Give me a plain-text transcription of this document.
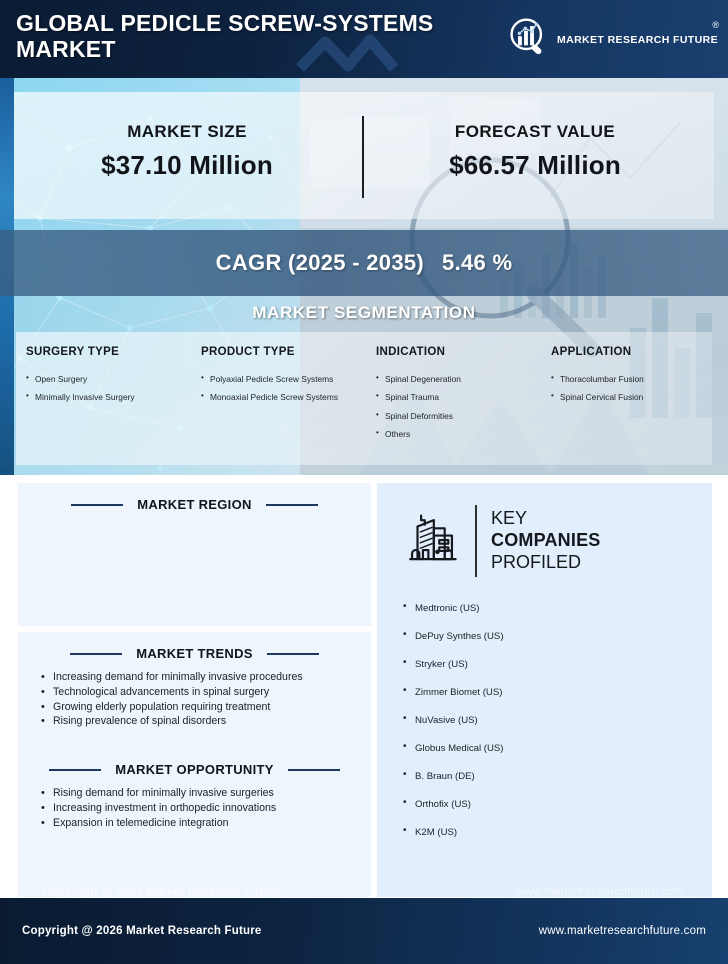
GLOBAL PEDICLE SCREW-SYSTEMS MARKET	MARKET RESEARCH FUTURE
®
MARKET SIZE
$37.10 Million
FORECAST VALUE
$66.57 Million
CAGR (2025 - 2035) 5.46 %
MARKET SEGMENTATION
SURGERY TYPE
• Open Surgery
• Minimally Invasive Surgery
PRODUCT TYPE
• Polyaxial Pedicle Screw Systems
• Monoaxial Pedicle Screw Systems
INDICATION
• Spinal Degeneration
• Spinal Trauma
• Spinal Deformities
• Others
APPLICATION
• Thoracolumbar Fusion
• Spinal Cervical Fusion
MARKET REGION
MARKET TRENDS
• Increasing demand for minimally invasive procedures
• Technological advancements in spinal surgery
• Growing elderly population requiring treatment
• Rising prevalence of spinal disorders
MARKET OPPORTUNITY
• Rising demand for minimally invasive surgeries
• Increasing investment in orthopedic innovations
• Expansion in telemedicine integration
KEY
COMPANIES
PROFILED
• Medtronic (US)
• DePuy Synthes (US)
• Stryker (US)
• Zimmer Biomet (US)
• NuVasive (US)
• Globus Medical (US)
• B. Braun (DE)
• Orthofix (US)
• K2M (US)
Copyright @ 2025 Market Research Future	www.marketresearchfuture.com
Copyright @ 2026 Market Research Future	www.marketresearchfuture.com
